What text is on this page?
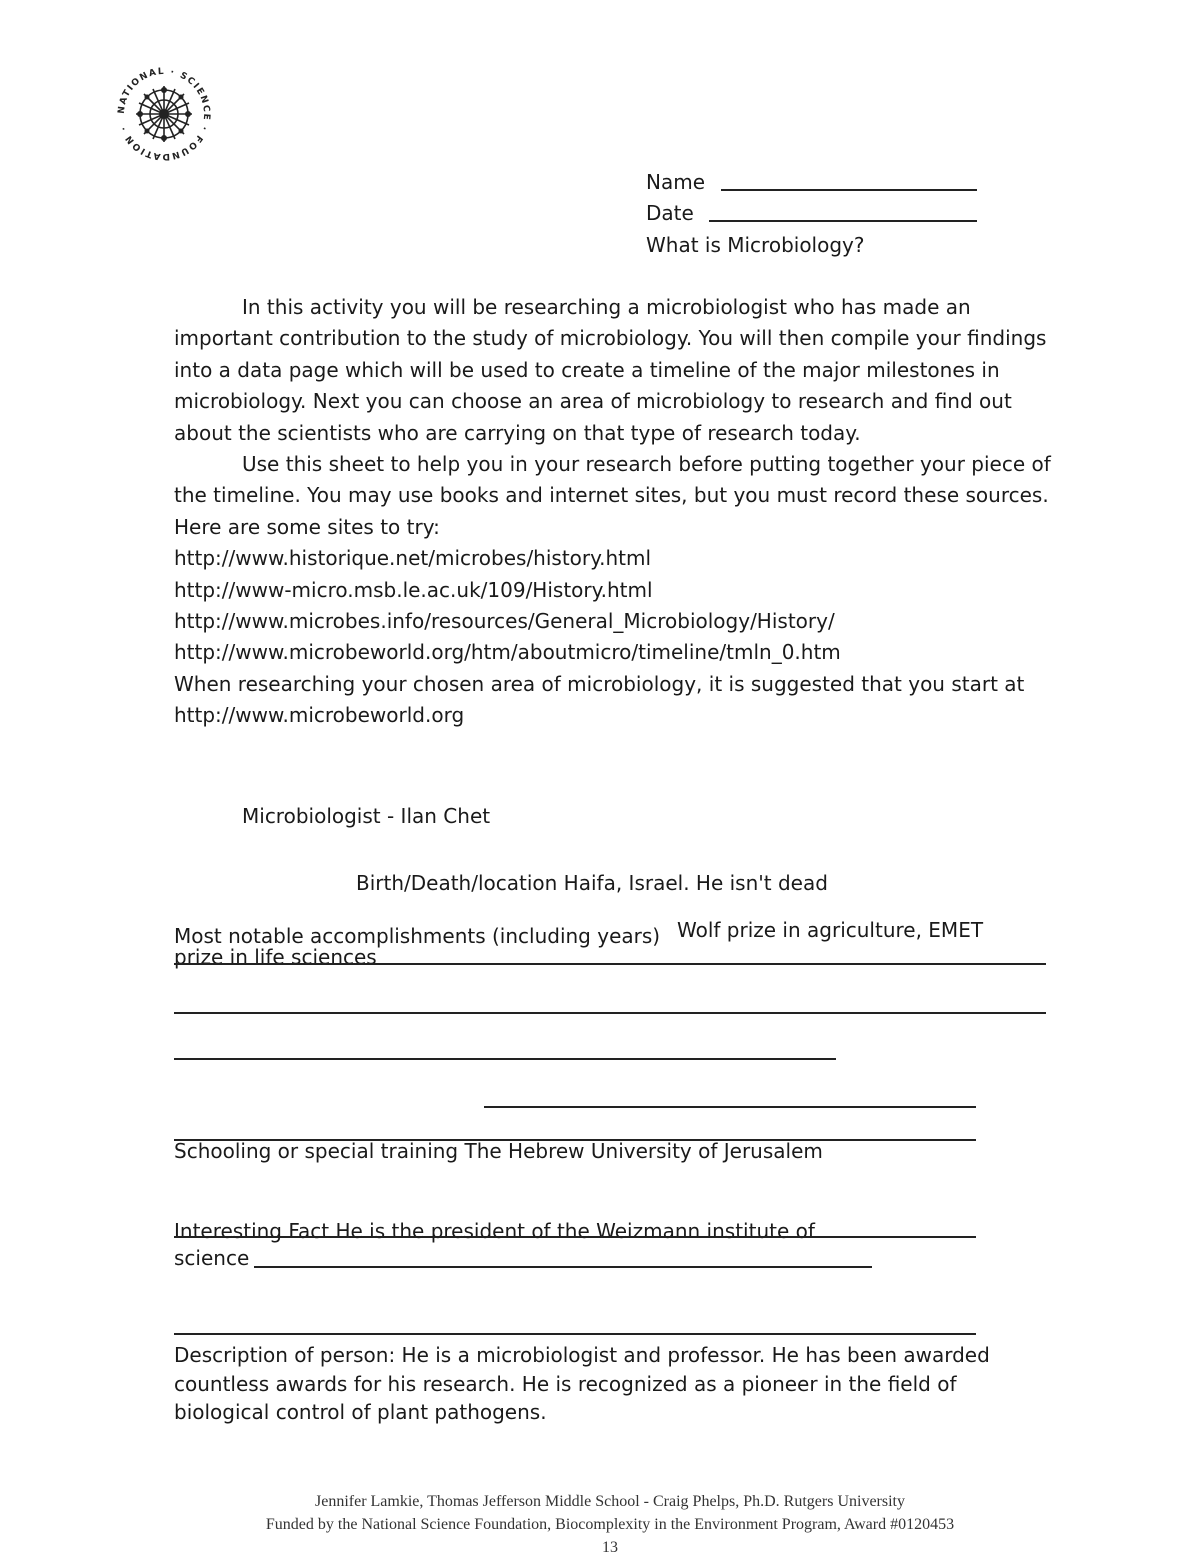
NATIONAL · SCIENCE · FOUNDATION ·
Name
Date
What is Microbiology?

In this activity you will be researching a microbiologist who has made an important contribution to the study of microbiology. You will then compile your findings into a data page which will be used to create a timeline of the major milestones in microbiology. Next you can choose an area of microbiology to research and find out about the scientists who are carrying on that type of research today.

Use this sheet to help you in your research before putting together your piece of the timeline. You may use books and internet sites, but you must record these sources. Here are some sites to try:

http://www.historique.net/microbes/history.html

http://www-micro.msb.le.ac.uk/109/History.html

http://www.microbes.info/resources/General_Microbiology/History/

http://www.microbeworld.org/htm/aboutmicro/timeline/tmln_0.htm

When researching your chosen area of microbiology, it is suggested that you start at http://www.microbeworld.org

Microbiologist - Ilan Chet
Birth/Death/location Haifa, Israel. He isn't dead
Most notable accomplishments (including years) Wolf prize in agriculture, EMET
prize in life sciences
Schooling or special training The Hebrew University of Jerusalem
Interesting Fact He is the president of the Weizmann institute of
science
Description of person: He is a microbiologist and professor. He has been awarded countless awards for his research. He is recognized as a pioneer in the field of biological control of plant pathogens.
Jennifer Lamkie, Thomas Jefferson Middle School - Craig Phelps, Ph.D. Rutgers University
Funded by the National Science Foundation, Biocomplexity in the Environment Program, Award #0120453
13
